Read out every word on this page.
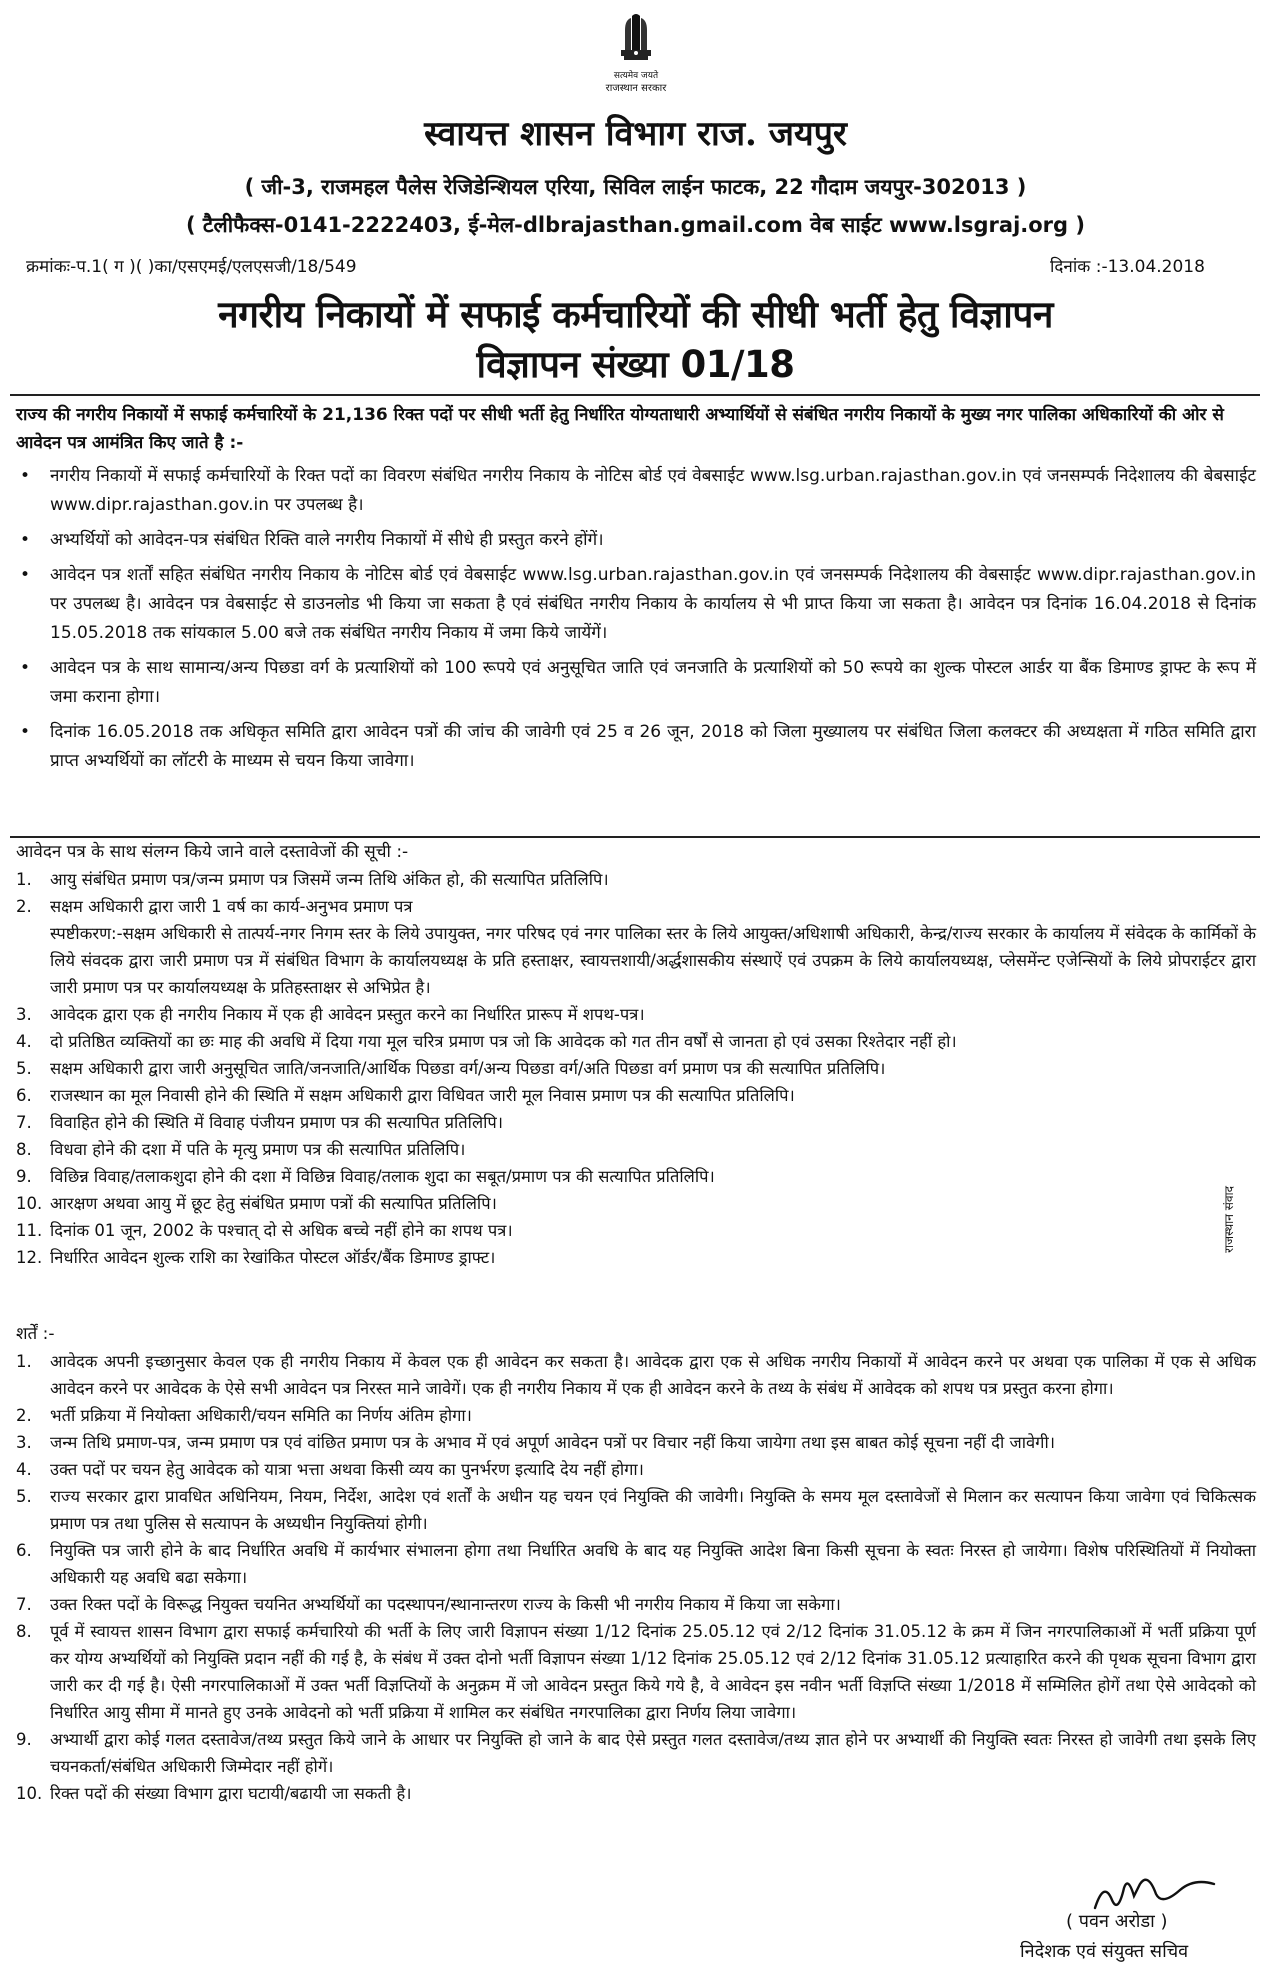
सत्यमेव जयते
राजस्थान सरकार
स्वायत्त शासन विभाग राज. जयपुर
( जी-3, राजमहल पैलेस रेजिडेन्शियल एरिया, सिविल लाईन फाटक, 22 गौदाम जयपुर-302013 )
( टैलीफैक्स-0141-2222403, ई-मेल-dlbrajasthan.gmail.com वेब साईट www.lsgraj.org )
क्रमांकः-प.1( ग )( )का/एसएमई/एलएसजी/18/549	दिनांक :-13.04.2018
नगरीय निकायों में सफाई कर्मचारियों की सीधी भर्ती हेतु विज्ञापन
विज्ञापन संख्या 01/18
राज्य की नगरीय निकायों में सफाई कर्मचारियों के 21,136 रिक्त पदों पर सीधी भर्ती हेतु निर्धारित योग्यताधारी अभ्यार्थियों से संबंधित नगरीय निकायों के मुख्य नगर पालिका अधिकारियों की ओर से आवेदन पत्र आमंत्रित किए जाते है :-
• नगरीय निकायों में सफाई कर्मचारियों के रिक्त पदों का विवरण संबंधित नगरीय निकाय के नोटिस बोर्ड एवं वेबसाईट www.lsg.urban.rajasthan.gov.in एवं जनसम्पर्क निदेशालय की बेबसाईट www.dipr.rajasthan.gov.in पर उपलब्ध है।
• अभ्यर्थियों को आवेदन-पत्र संबंधित रिक्ति वाले नगरीय निकायों में सीधे ही प्रस्तुत करने होंगें।
• आवेदन पत्र शर्तों सहित संबंधित नगरीय निकाय के नोटिस बोर्ड एवं वेबसाईट www.lsg.urban.rajasthan.gov.in एवं जनसम्पर्क निदेशालय की वेबसाईट www.dipr.rajasthan.gov.in पर उपलब्ध है। आवेदन पत्र वेबसाईट से डाउनलोड भी किया जा सकता है एवं संबंधित नगरीय निकाय के कार्यालय से भी प्राप्त किया जा सकता है। आवेदन पत्र दिनांक 16.04.2018 से दिनांक 15.05.2018 तक सांयकाल 5.00 बजे तक संबंधित नगरीय निकाय में जमा किये जायेंगें।
• आवेदन पत्र के साथ सामान्य/अन्य पिछडा वर्ग के प्रत्याशियों को 100 रूपये एवं अनुसूचित जाति एवं जनजाति के प्रत्याशियों को 50 रूपये का शुल्क पोस्टल आर्डर या बैंक डिमाण्ड ड्राफ्ट के रूप में जमा कराना होगा।
• दिनांक 16.05.2018 तक अधिकृत समिति द्वारा आवेदन पत्रों की जांच की जावेगी एवं 25 व 26 जून, 2018 को जिला मुख्यालय पर संबंधित जिला कलक्टर की अध्यक्षता में गठित समिति द्वारा प्राप्त अभ्यर्थियों का लॉटरी के माध्यम से चयन किया जावेगा।
आवेदन पत्र के साथ संलग्न किये जाने वाले दस्तावेजों की सूची :-
1. आयु संबंधित प्रमाण पत्र/जन्म प्रमाण पत्र जिसमें जन्म तिथि अंकित हो, की सत्यापित प्रतिलिपि।
2. सक्षम अधिकारी द्वारा जारी 1 वर्ष का कार्य-अनुभव प्रमाण पत्र
स्पष्टीकरण:-सक्षम अधिकारी से तात्पर्य-नगर निगम स्तर के लिये उपायुक्त, नगर परिषद एवं नगर पालिका स्तर के लिये आयुक्त/अधिशाषी अधिकारी, केन्द्र/राज्य सरकार के कार्यालय में संवेदक के कार्मिकों के लिये संवदक द्वारा जारी प्रमाण पत्र में संबंधित विभाग के कार्यालयध्यक्ष के प्रति हस्ताक्षर, स्वायत्तशायी/अर्द्धशासकीय संस्थाऐं एवं उपक्रम के लिये कार्यालयध्यक्ष, प्लेसमेंन्ट एजेन्सियों के लिये प्रोपराईटर द्वारा जारी प्रमाण पत्र पर कार्यालयध्यक्ष के प्रतिहस्ताक्षर से अभिप्रेत है।
3. आवेदक द्वारा एक ही नगरीय निकाय में एक ही आवेदन प्रस्तुत करने का निर्धारित प्रारूप में शपथ-पत्र।
4. दो प्रतिष्ठित व्यक्तियों का छः माह की अवधि में दिया गया मूल चरित्र प्रमाण पत्र जो कि आवेदक को गत तीन वर्षों से जानता हो एवं उसका रिश्तेदार नहीं हो।
5. सक्षम अधिकारी द्वारा जारी अनुसूचित जाति/जनजाति/आर्थिक पिछडा वर्ग/अन्य पिछडा वर्ग/अति पिछडा वर्ग प्रमाण पत्र की सत्यापित प्रतिलिपि।
6. राजस्थान का मूल निवासी होने की स्थिति में सक्षम अधिकारी द्वारा विधिवत जारी मूल निवास प्रमाण पत्र की सत्यापित प्रतिलिपि।
7. विवाहित होने की स्थिति में विवाह पंजीयन प्रमाण पत्र की सत्यापित प्रतिलिपि।
8. विधवा होने की दशा में पति के मृत्यु प्रमाण पत्र की सत्यापित प्रतिलिपि।
9. विछिन्न विवाह/तलाकशुदा होने की दशा में विछिन्न विवाह/तलाक शुदा का सबूत/प्रमाण पत्र की सत्यापित प्रतिलिपि।
10. आरक्षण अथवा आयु में छूट हेतु संबंधित प्रमाण पत्रों की सत्यापित प्रतिलिपि।
11. दिनांक 01 जून, 2002 के पश्चात् दो से अधिक बच्चे नहीं होने का शपथ पत्र।
12. निर्धारित आवेदन शुल्क राशि का रेखांकित पोस्टल ऑर्डर/बैंक डिमाण्ड ड्राफ्ट।
शर्तें :-
1. आवेदक अपनी इच्छानुसार केवल एक ही नगरीय निकाय में केवल एक ही आवेदन कर सकता है। आवेदक द्वारा एक से अधिक नगरीय निकायों में आवेदन करने पर अथवा एक पालिका में एक से अधिक आवेदन करने पर आवेदक के ऐसे सभी आवेदन पत्र निरस्त माने जावेगें। एक ही नगरीय निकाय में एक ही आवेदन करने के तथ्य के संबंध में आवेदक को शपथ पत्र प्रस्तुत करना होगा।
2. भर्ती प्रक्रिया में नियोक्ता अधिकारी/चयन समिति का निर्णय अंतिम होगा।
3. जन्म तिथि प्रमाण-पत्र, जन्म प्रमाण पत्र एवं वांछित प्रमाण पत्र के अभाव में एवं अपूर्ण आवेदन पत्रों पर विचार नहीं किया जायेगा तथा इस बाबत कोई सूचना नहीं दी जावेगी।
4. उक्त पदों पर चयन हेतु आवेदक को यात्रा भत्ता अथवा किसी व्यय का पुनर्भरण इत्यादि देय नहीं होगा।
5. राज्य सरकार द्वारा प्रावधित अधिनियम, नियम, निर्देश, आदेश एवं शर्तों के अधीन यह चयन एवं नियुक्ति की जावेगी। नियुक्ति के समय मूल दस्तावेजों से मिलान कर सत्यापन किया जावेगा एवं चिकित्सक प्रमाण पत्र तथा पुलिस से सत्यापन के अध्यधीन नियुक्तियां होगी।
6. नियुक्ति पत्र जारी होने के बाद निर्धारित अवधि में कार्यभार संभालना होगा तथा निर्धारित अवधि के बाद यह नियुक्ति आदेश बिना किसी सूचना के स्वतः निरस्त हो जायेगा। विशेष परिस्थितियों में नियोक्ता अधिकारी यह अवधि बढा सकेगा।
7. उक्त रिक्त पदों के विरूद्ध नियुक्त चयनित अभ्यर्थियों का पदस्थापन/स्थानान्तरण राज्य के किसी भी नगरीय निकाय में किया जा सकेगा।
8. पूर्व में स्वायत्त शासन विभाग द्वारा सफाई कर्मचारियो की भर्ती के लिए जारी विज्ञापन संख्या 1/12 दिनांक 25.05.12 एवं 2/12 दिनांक 31.05.12 के क्रम में जिन नगरपालिकाओं में भर्ती प्रक्रिया पूर्ण कर योग्य अभ्यर्थियों को नियुक्ति प्रदान नहीं की गई है, के संबंध में उक्त दोनो भर्ती विज्ञापन संख्या 1/12 दिनांक 25.05.12 एवं 2/12 दिनांक 31.05.12 प्रत्याहारित करने की पृथक सूचना विभाग द्वारा जारी कर दी गई है। ऐसी नगरपालिकाओं में उक्त भर्ती विज्ञप्तियों के अनुक्रम में जो आवेदन प्रस्तुत किये गये है, वे आवेदन इस नवीन भर्ती विज्ञप्ति संख्या 1/2018 में सम्मिलित होगें तथा ऐसे आवेदको को निर्धारित आयु सीमा में मानते हुए उनके आवेदनो को भर्ती प्रक्रिया में शामिल कर संबंधित नगरपालिका द्वारा निर्णय लिया जावेगा।
9. अभ्यार्थी द्वारा कोई गलत दस्तावेज/तथ्य प्रस्तुत किये जाने के आधार पर नियुक्ति हो जाने के बाद ऐसे प्रस्तुत गलत दस्तावेज/तथ्य ज्ञात होने पर अभ्यार्थी की नियुक्ति स्वतः निरस्त हो जावेगी तथा इसके लिए चयनकर्ता/संबंधित अधिकारी जिम्मेदार नहीं होगें।
10. रिक्त पदों की संख्या विभाग द्वारा घटायी/बढायी जा सकती है।
राजस्थान संवाद
( पवन अरोडा )
निदेशक एवं संयुक्त सचिव
